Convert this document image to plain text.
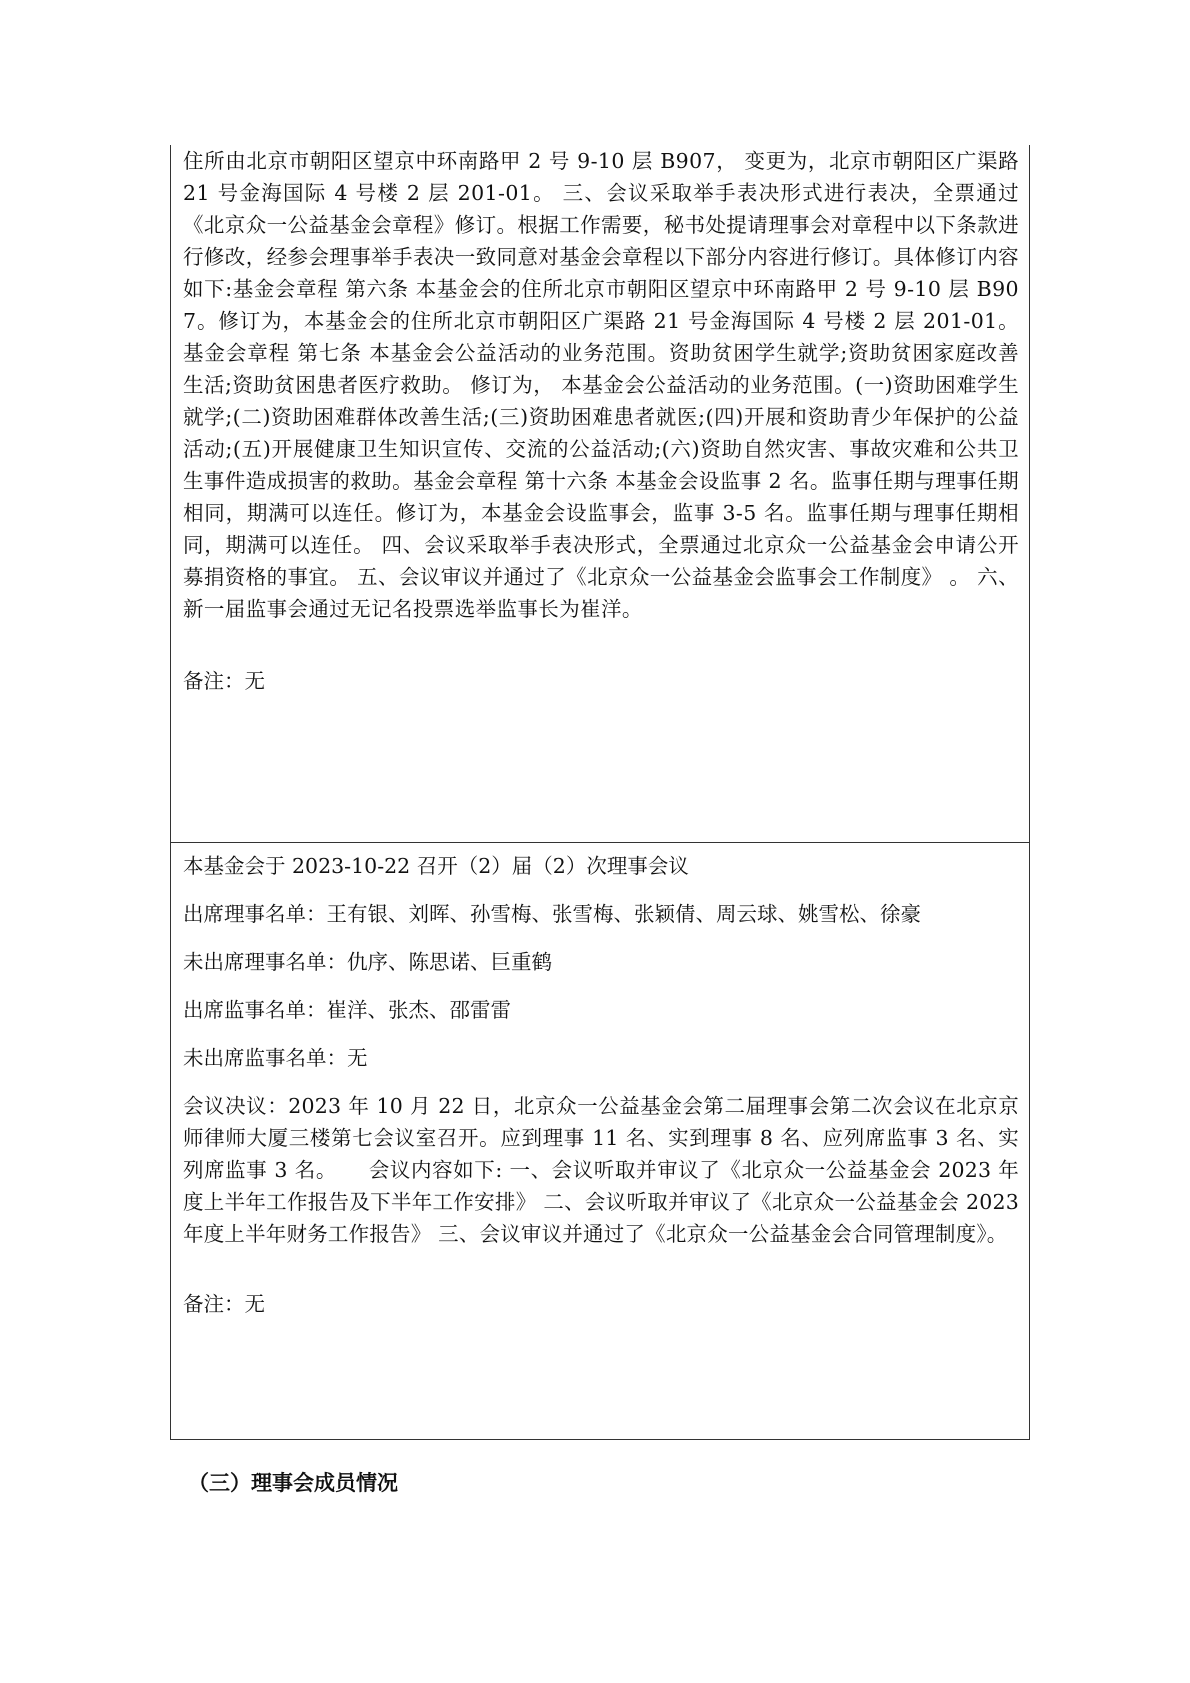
住所由北京市朝阳区望京中环南路甲 2 号 9-10 层 B907， 变更为，北京市朝阳区广渠路 21 号金海国际 4 号楼 2 层 201-01。 三、会议采取举手表决形式进行表决，全票通过《北京众一公益基金会章程》修订。根据工作需要，秘书处提请理事会对章程中以下条款进行修改，经参会理事举手表决一致同意对基金会章程以下部分内容进行修订。具体修订内容如下:基金会章程 第六条 本基金会的住所北京市朝阳区望京中环南路甲 2 号 9-10 层 B907。修订为，本基金会的住所北京市朝阳区广渠路 21 号金海国际 4 号楼 2 层 201-01。基金会章程 第七条 本基金会公益活动的业务范围。资助贫困学生就学;资助贫困家庭改善生活;资助贫困患者医疗救助。 修订为， 本基金会公益活动的业务范围。(一)资助困难学生就学;(二)资助困难群体改善生活;(三)资助困难患者就医;(四)开展和资助青少年保护的公益活动;(五)开展健康卫生知识宣传、交流的公益活动;(六)资助自然灾害、事故灾难和公共卫生事件造成损害的救助。基金会章程 第十六条 本基金会设监事 2 名。监事任期与理事任期相同，期满可以连任。修订为，本基金会设监事会，监事 3-5 名。监事任期与理事任期相同，期满可以连任。 四、会议采取举手表决形式，全票通过北京众一公益基金会申请公开募捐资格的事宜。 五、会议审议并通过了《北京众一公益基金会监事会工作制度》 。 六、新一届监事会通过无记名投票选举监事长为崔洋。

备注：无

本基金会于 2023-10-22 召开（2）届（2）次理事会议

出席理事名单：王有银、刘晖、孙雪梅、张雪梅、张颖倩、周云球、姚雪松、徐豪

未出席理事名单：仇序、陈思诺、巨重鹤

出席监事名单：崔洋、张杰、邵雷雷

未出席监事名单：无

会议决议：2023 年 10 月 22 日，北京众一公益基金会第二届理事会第二次会议在北京京师律师大厦三楼第七会议室召开。应到理事 11 名、实到理事 8 名、应列席监事 3 名、实列席监事 3 名。　　会议内容如下: 一、会议听取并审议了《北京众一公益基金会 2023 年度上半年工作报告及下半年工作安排》 二、会议听取并审议了《北京众一公益基金会 2023 年度上半年财务工作报告》 三、会议审议并通过了《北京众一公益基金会合同管理制度》。

备注：无

（三）理事会成员情况
